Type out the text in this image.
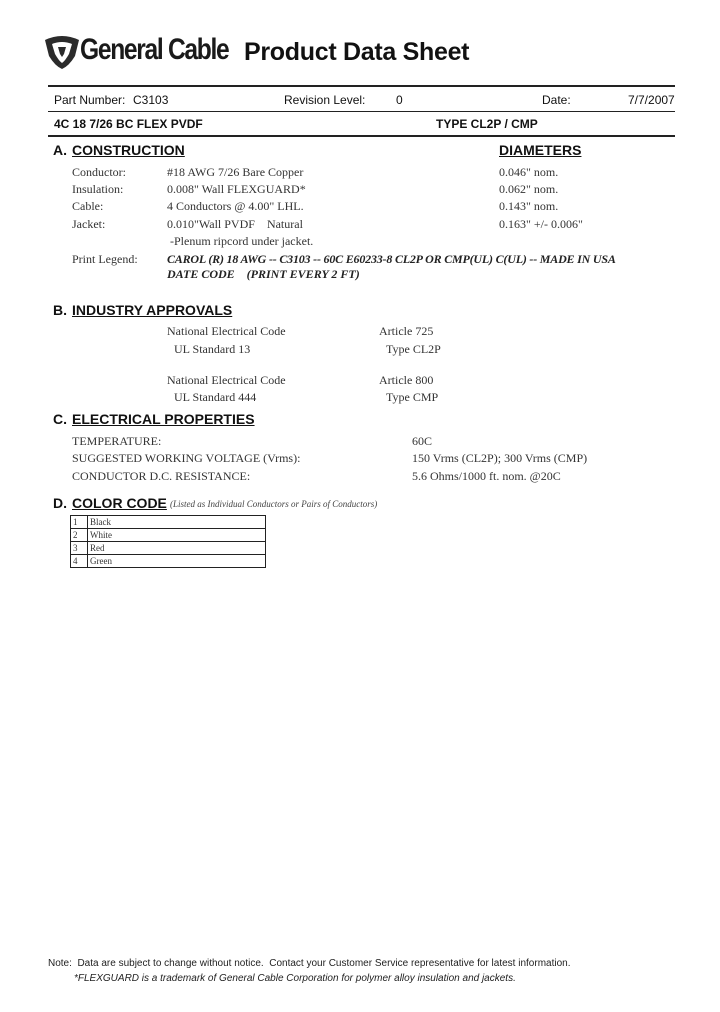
General Cable Product Data Sheet
Part Number: C3103	Revision Level:	0	Date:	7/7/2007
4C 18 7/26 BC FLEX PVDF	TYPE CL2P / CMP
A. CONSTRUCTION	DIAMETERS
Conductor:	#18 AWG 7/26 Bare Copper	0.046" nom.
Insulation:	0.008" Wall FLEXGUARD*	0.062" nom.
Cable:	4 Conductors @ 4.00" LHL.	0.143" nom.
Jacket:	0.010"Wall PVDF    Natural	0.163" +/- 0.006"
-Plenum ripcord under jacket.
Print Legend: CAROL (R) 18 AWG -- C3103 -- 60C E60233-8 CL2P OR CMP(UL) C(UL) -- MADE IN USA
DATE CODE    (PRINT EVERY 2 FT)
B. INDUSTRY APPROVALS
National Electrical Code	Article 725
UL Standard 13	Type CL2P
National Electrical Code	Article 800
UL Standard 444	Type CMP
C. ELECTRICAL PROPERTIES
TEMPERATURE:	60C
SUGGESTED WORKING VOLTAGE (Vrms):	150 Vrms (CL2P); 300 Vrms (CMP)
CONDUCTOR D.C. RESISTANCE:	5.6 Ohms/1000 ft. nom. @20C
D. COLOR CODE (Listed as Individual Conductors or Pairs of Conductors)
1	Black
2	White
3	Red
4	Green
Note:  Data are subject to change without notice.  Contact your Customer Service representative for latest information.
*FLEXGUARD is a trademark of General Cable Corporation for polymer alloy insulation and jackets.
